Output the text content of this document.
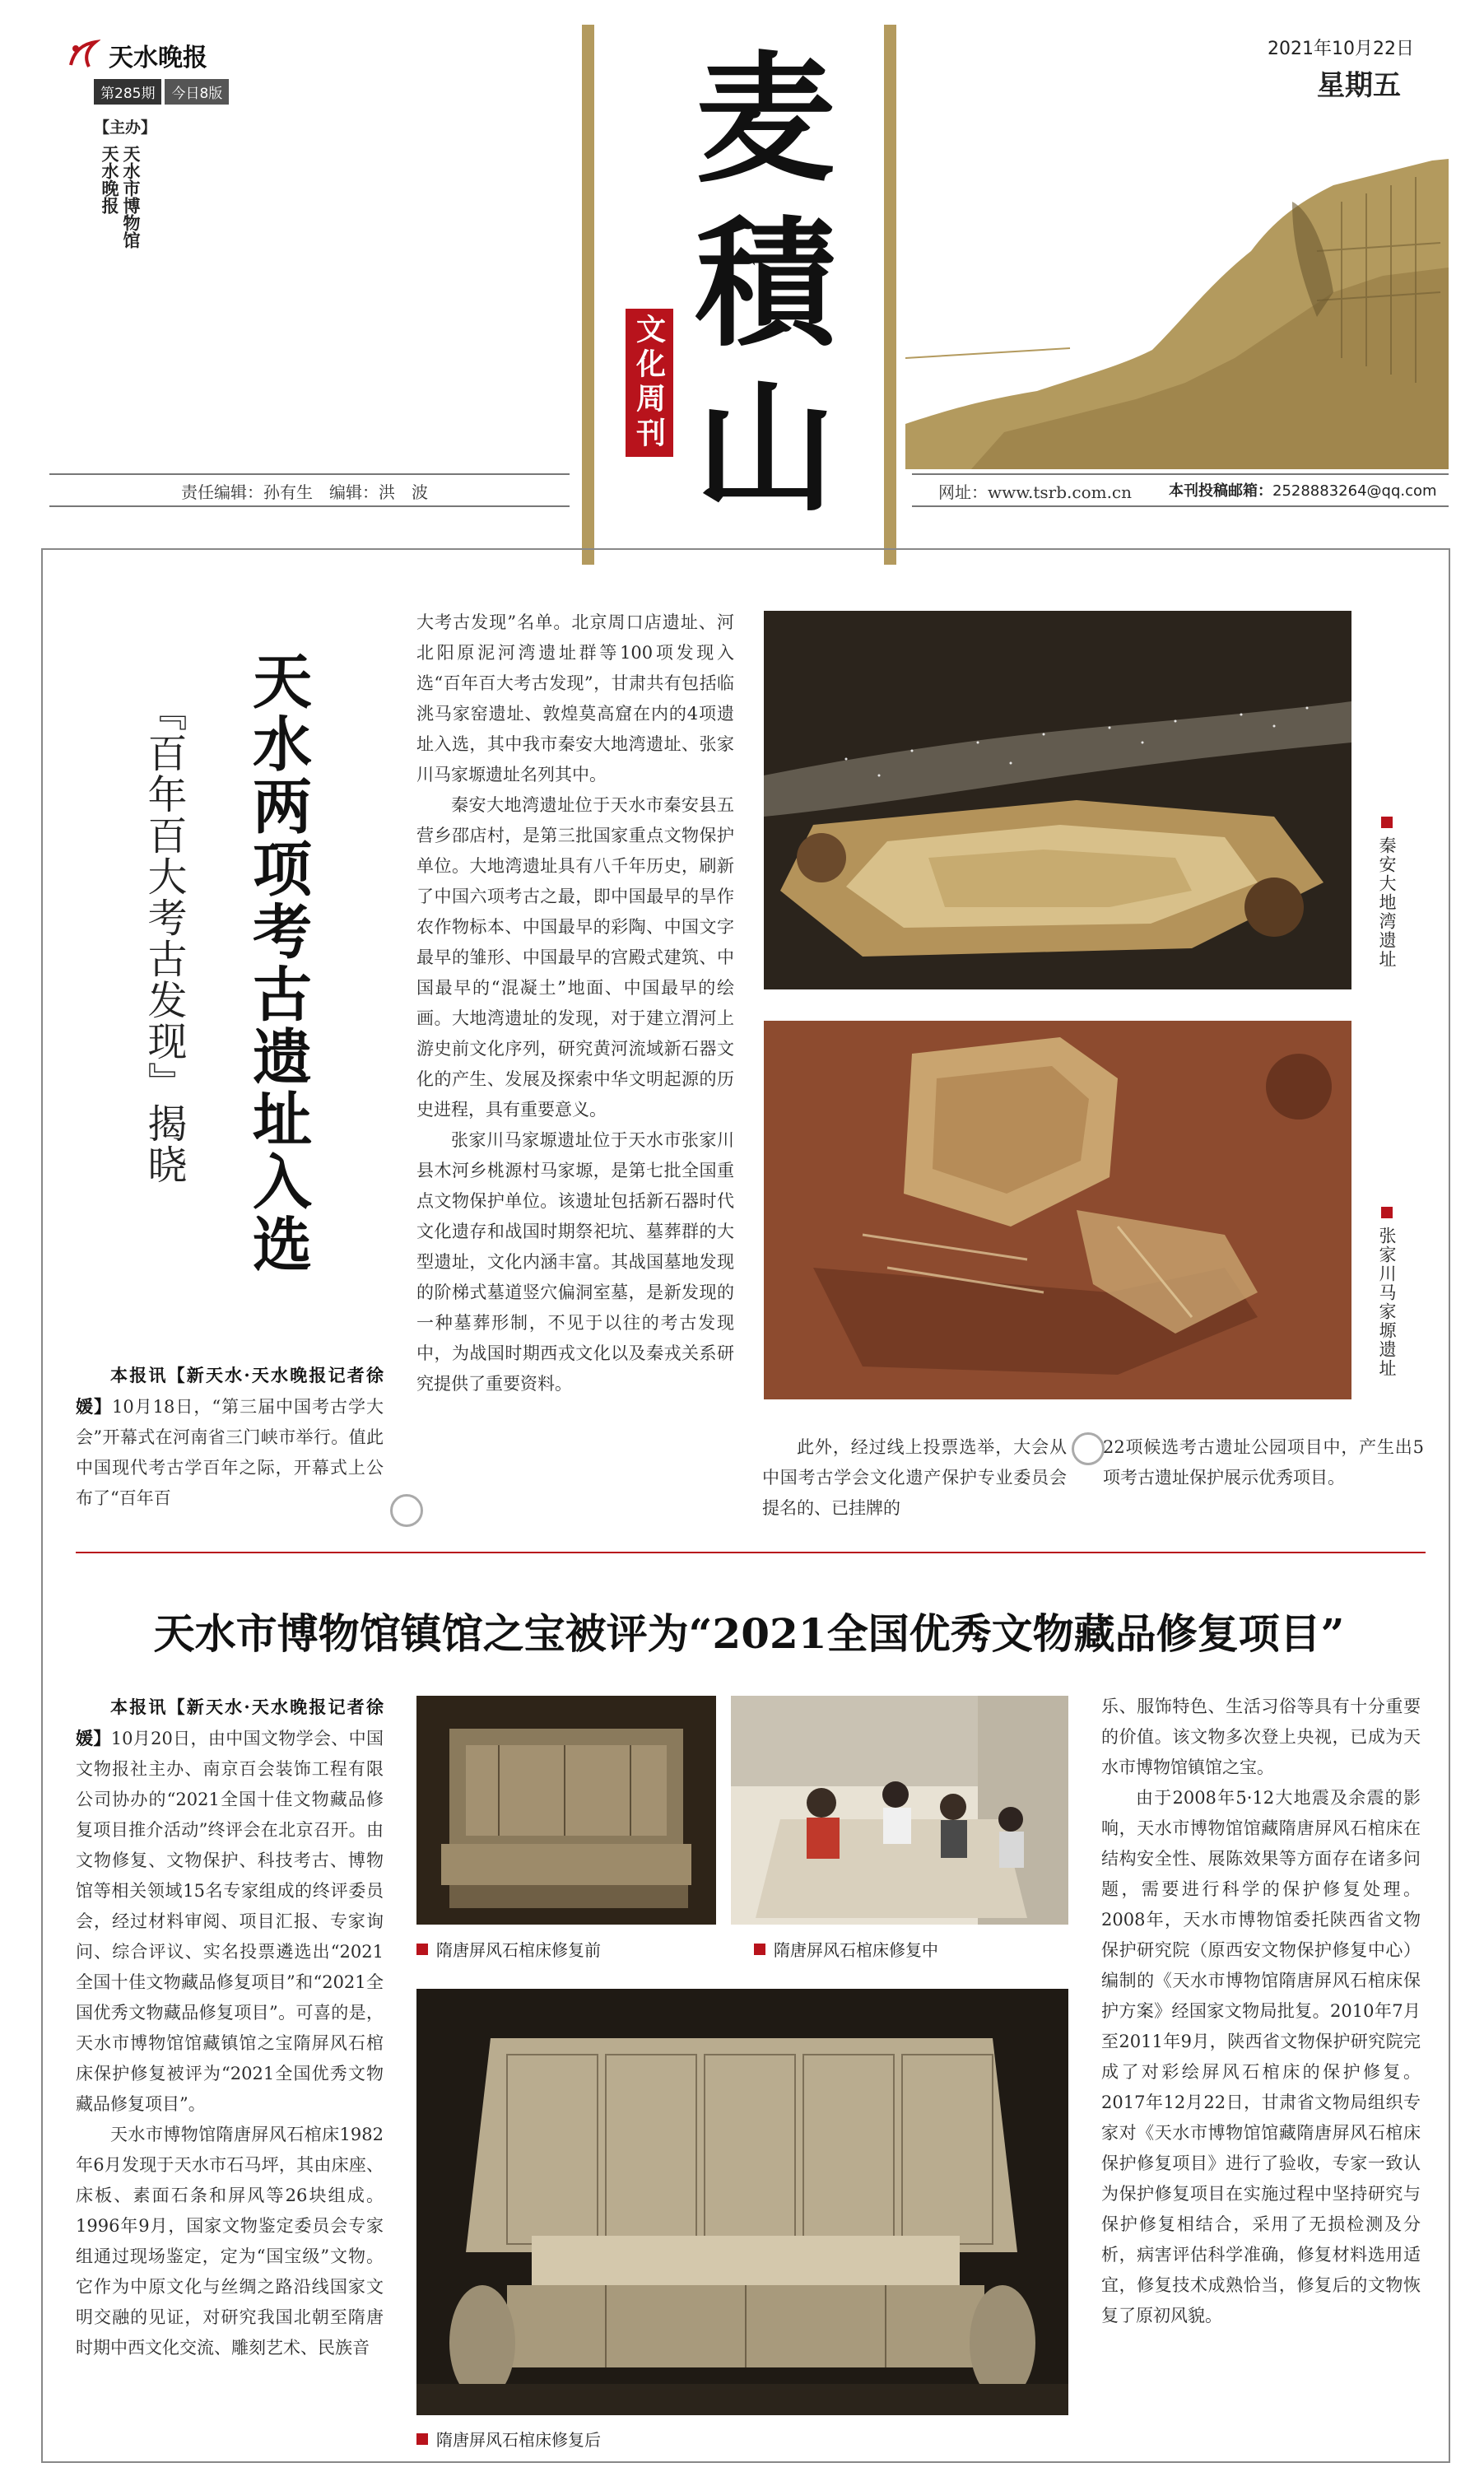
天水晚报
第285期	今日8版
【主办】
天水市博物馆
天水晚报	麦
積
山
文化周刊
2021年10月22日
星期五
责任编辑：孙有生　编辑：洪　波	网址：www.tsrb.com.cn 本刊投稿邮箱：2528883264@qq.com
天水两项考古遗址入选
『百年百大考古发现』揭晓

本报讯【新天水·天水晚报记者徐媛】10月18日，“第三届中国考古学大会”开幕式在河南省三门峡市举行。值此中国现代考古学百年之际，开幕式上公布了“百年百

大考古发现”名单。北京周口店遗址、河北阳原泥河湾遗址群等100项发现入选“百年百大考古发现”，甘肃共有包括临洮马家窑遗址、敦煌莫高窟在内的4项遗址入选，其中我市秦安大地湾遗址、张家川马家塬遗址名列其中。

秦安大地湾遗址位于天水市秦安县五营乡邵店村，是第三批国家重点文物保护单位。大地湾遗址具有八千年历史，刷新了中国六项考古之最，即中国最早的旱作农作物标本、中国最早的彩陶、中国文字最早的雏形、中国最早的宫殿式建筑、中国最早的“混凝土”地面、中国最早的绘画。大地湾遗址的发现，对于建立渭河上游史前文化序列，研究黄河流域新石器文化的产生、发展及探索中华文明起源的历史进程，具有重要意义。

张家川马家塬遗址位于天水市张家川县木河乡桃源村马家塬，是第七批全国重点文物保护单位。该遗址包括新石器时代文化遗存和战国时期祭祀坑、墓葬群的大型遗址，文化内涵丰富。其战国墓地发现的阶梯式墓道竖穴偏洞室墓，是新发现的一种墓葬形制，不见于以往的考古发现中，为战国时期西戎文化以及秦戎关系研究提供了重要资料。

此外，经过线上投票选举，大会从中国考古学会文化遗产保护专业委员会提名的、已挂牌的
22项候选考古遗址公园项目中，产生出5项考古遗址保护展示优秀项目。
秦安大地湾遗址
张家川马家塬遗址
天水市博物馆镇馆之宝被评为“2021全国优秀文物藏品修复项目”

本报讯【新天水·天水晚报记者徐媛】10月20日，由中国文物学会、中国文物报社主办、南京百会装饰工程有限公司协办的“2021全国十佳文物藏品修复项目推介活动”终评会在北京召开。由文物修复、文物保护、科技考古、博物馆等相关领域15名专家组成的终评委员会，经过材料审阅、项目汇报、专家询问、综合评议、实名投票遴选出“2021全国十佳文物藏品修复项目”和“2021全国优秀文物藏品修复项目”。可喜的是，天水市博物馆馆藏镇馆之宝隋屏风石棺床保护修复被评为“2021全国优秀文物藏品修复项目”。

天水市博物馆隋唐屏风石棺床1982年6月发现于天水市石马坪，其由床座、床板、素面石条和屏风等26块组成。1996年9月，国家文物鉴定委员会专家组通过现场鉴定，定为“国宝级”文物。它作为中原文化与丝绸之路沿线国家文明交融的见证，对研究我国北朝至隋唐时期中西文化交流、雕刻艺术、民族音

乐、服饰特色、生活习俗等具有十分重要的价值。该文物多次登上央视，已成为天水市博物馆镇馆之宝。

由于2008年5·12大地震及余震的影响，天水市博物馆馆藏隋唐屏风石棺床在结构安全性、展陈效果等方面存在诸多问题，需要进行科学的保护修复处理。2008年，天水市博物馆委托陕西省文物保护研究院（原西安文物保护修复中心）编制的《天水市博物馆隋唐屏风石棺床保护方案》经国家文物局批复。2010年7月至2011年9月，陕西省文物保护研究院完成了对彩绘屏风石棺床的保护修复。2017年12月22日，甘肃省文物局组织专家对《天水市博物馆馆藏隋唐屏风石棺床保护修复项目》进行了验收，专家一致认为保护修复项目在实施过程中坚持研究与保护修复相结合，采用了无损检测及分析，病害评估科学准确，修复材料选用适宜，修复技术成熟恰当，修复后的文物恢复了原初风貌。

隋唐屏风石棺床修复前	隋唐屏风石棺床修复中
隋唐屏风石棺床修复后
